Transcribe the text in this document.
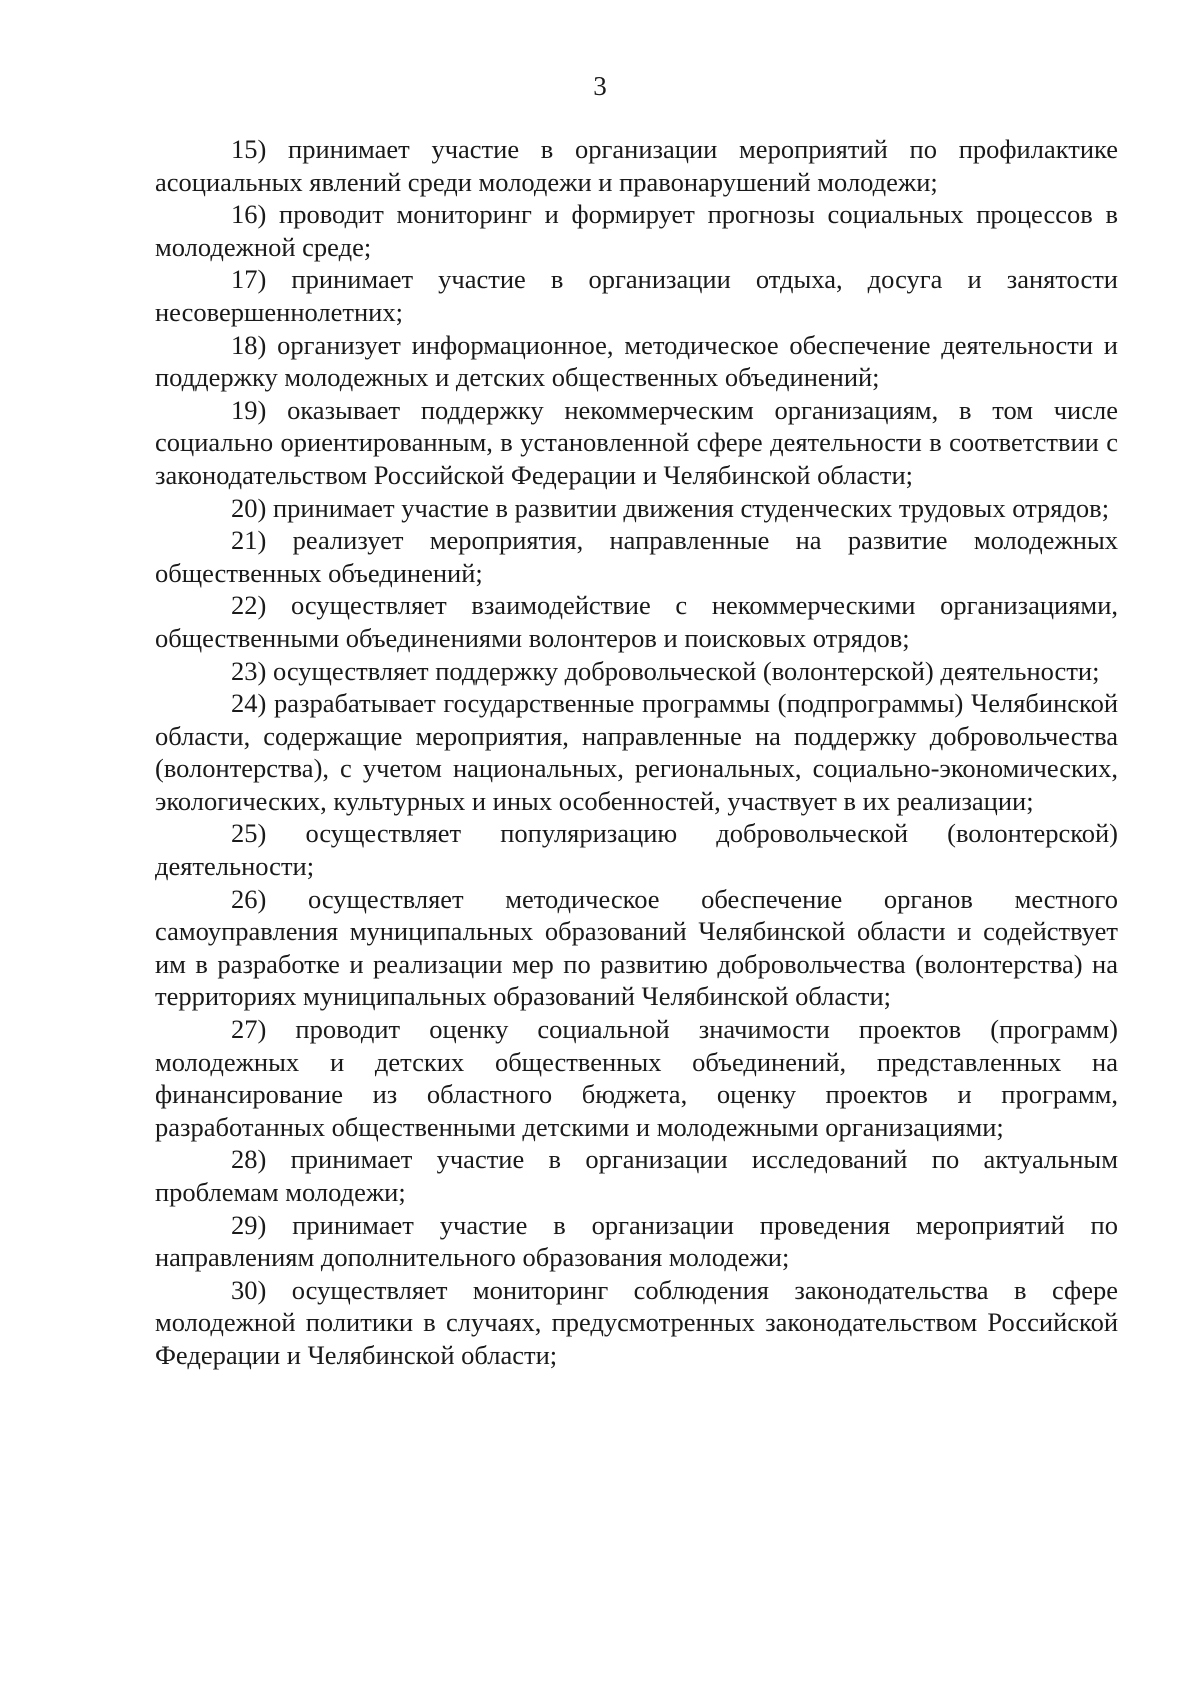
3

15) принимает участие в организации мероприятий по профилактике асоциальных явлений среди молодежи и правонарушений молодежи;

16) проводит мониторинг и формирует прогнозы социальных процессов в молодежной среде;

17) принимает участие в организации отдыха, досуга и занятости несовершеннолетних;

18) организует информационное, методическое обеспечение деятельности и поддержку молодежных и детских общественных объединений;

19) оказывает поддержку некоммерческим организациям, в том числе социально ориентированным, в установленной сфере деятельности в соответствии с законодательством Российской Федерации и Челябинской области;

20) принимает участие в развитии движения студенческих трудовых отрядов;

21) реализует мероприятия, направленные на развитие молодежных общественных объединений;

22) осуществляет взаимодействие с некоммерческими организациями, общественными объединениями волонтеров и поисковых отрядов;

23) осуществляет поддержку добровольческой (волонтерской) деятельности;

24) разрабатывает государственные программы (подпрограммы) Челябинской области, содержащие мероприятия, направленные на поддержку добровольчества (волонтерства), с учетом национальных, региональных, социально-экономических, экологических, культурных и иных особенностей, участвует в их реализации;

25) осуществляет популяризацию добровольческой (волонтерской) деятельности;

26) осуществляет методическое обеспечение органов местного самоуправления муниципальных образований Челябинской области и содействует им в разработке и реализации мер по развитию добровольчества (волонтерства) на территориях муниципальных образований Челябинской области;

27) проводит оценку социальной значимости проектов (программ) молодежных и детских общественных объединений, представленных на финансирование из областного бюджета, оценку проектов и программ, разработанных общественными детскими и молодежными организациями;

28) принимает участие в организации исследований по актуальным проблемам молодежи;

29) принимает участие в организации проведения мероприятий по направлениям дополнительного образования молодежи;

30) осуществляет мониторинг соблюдения законодательства в сфере молодежной политики в случаях, предусмотренных законодательством Российской Федерации и Челябинской области;
